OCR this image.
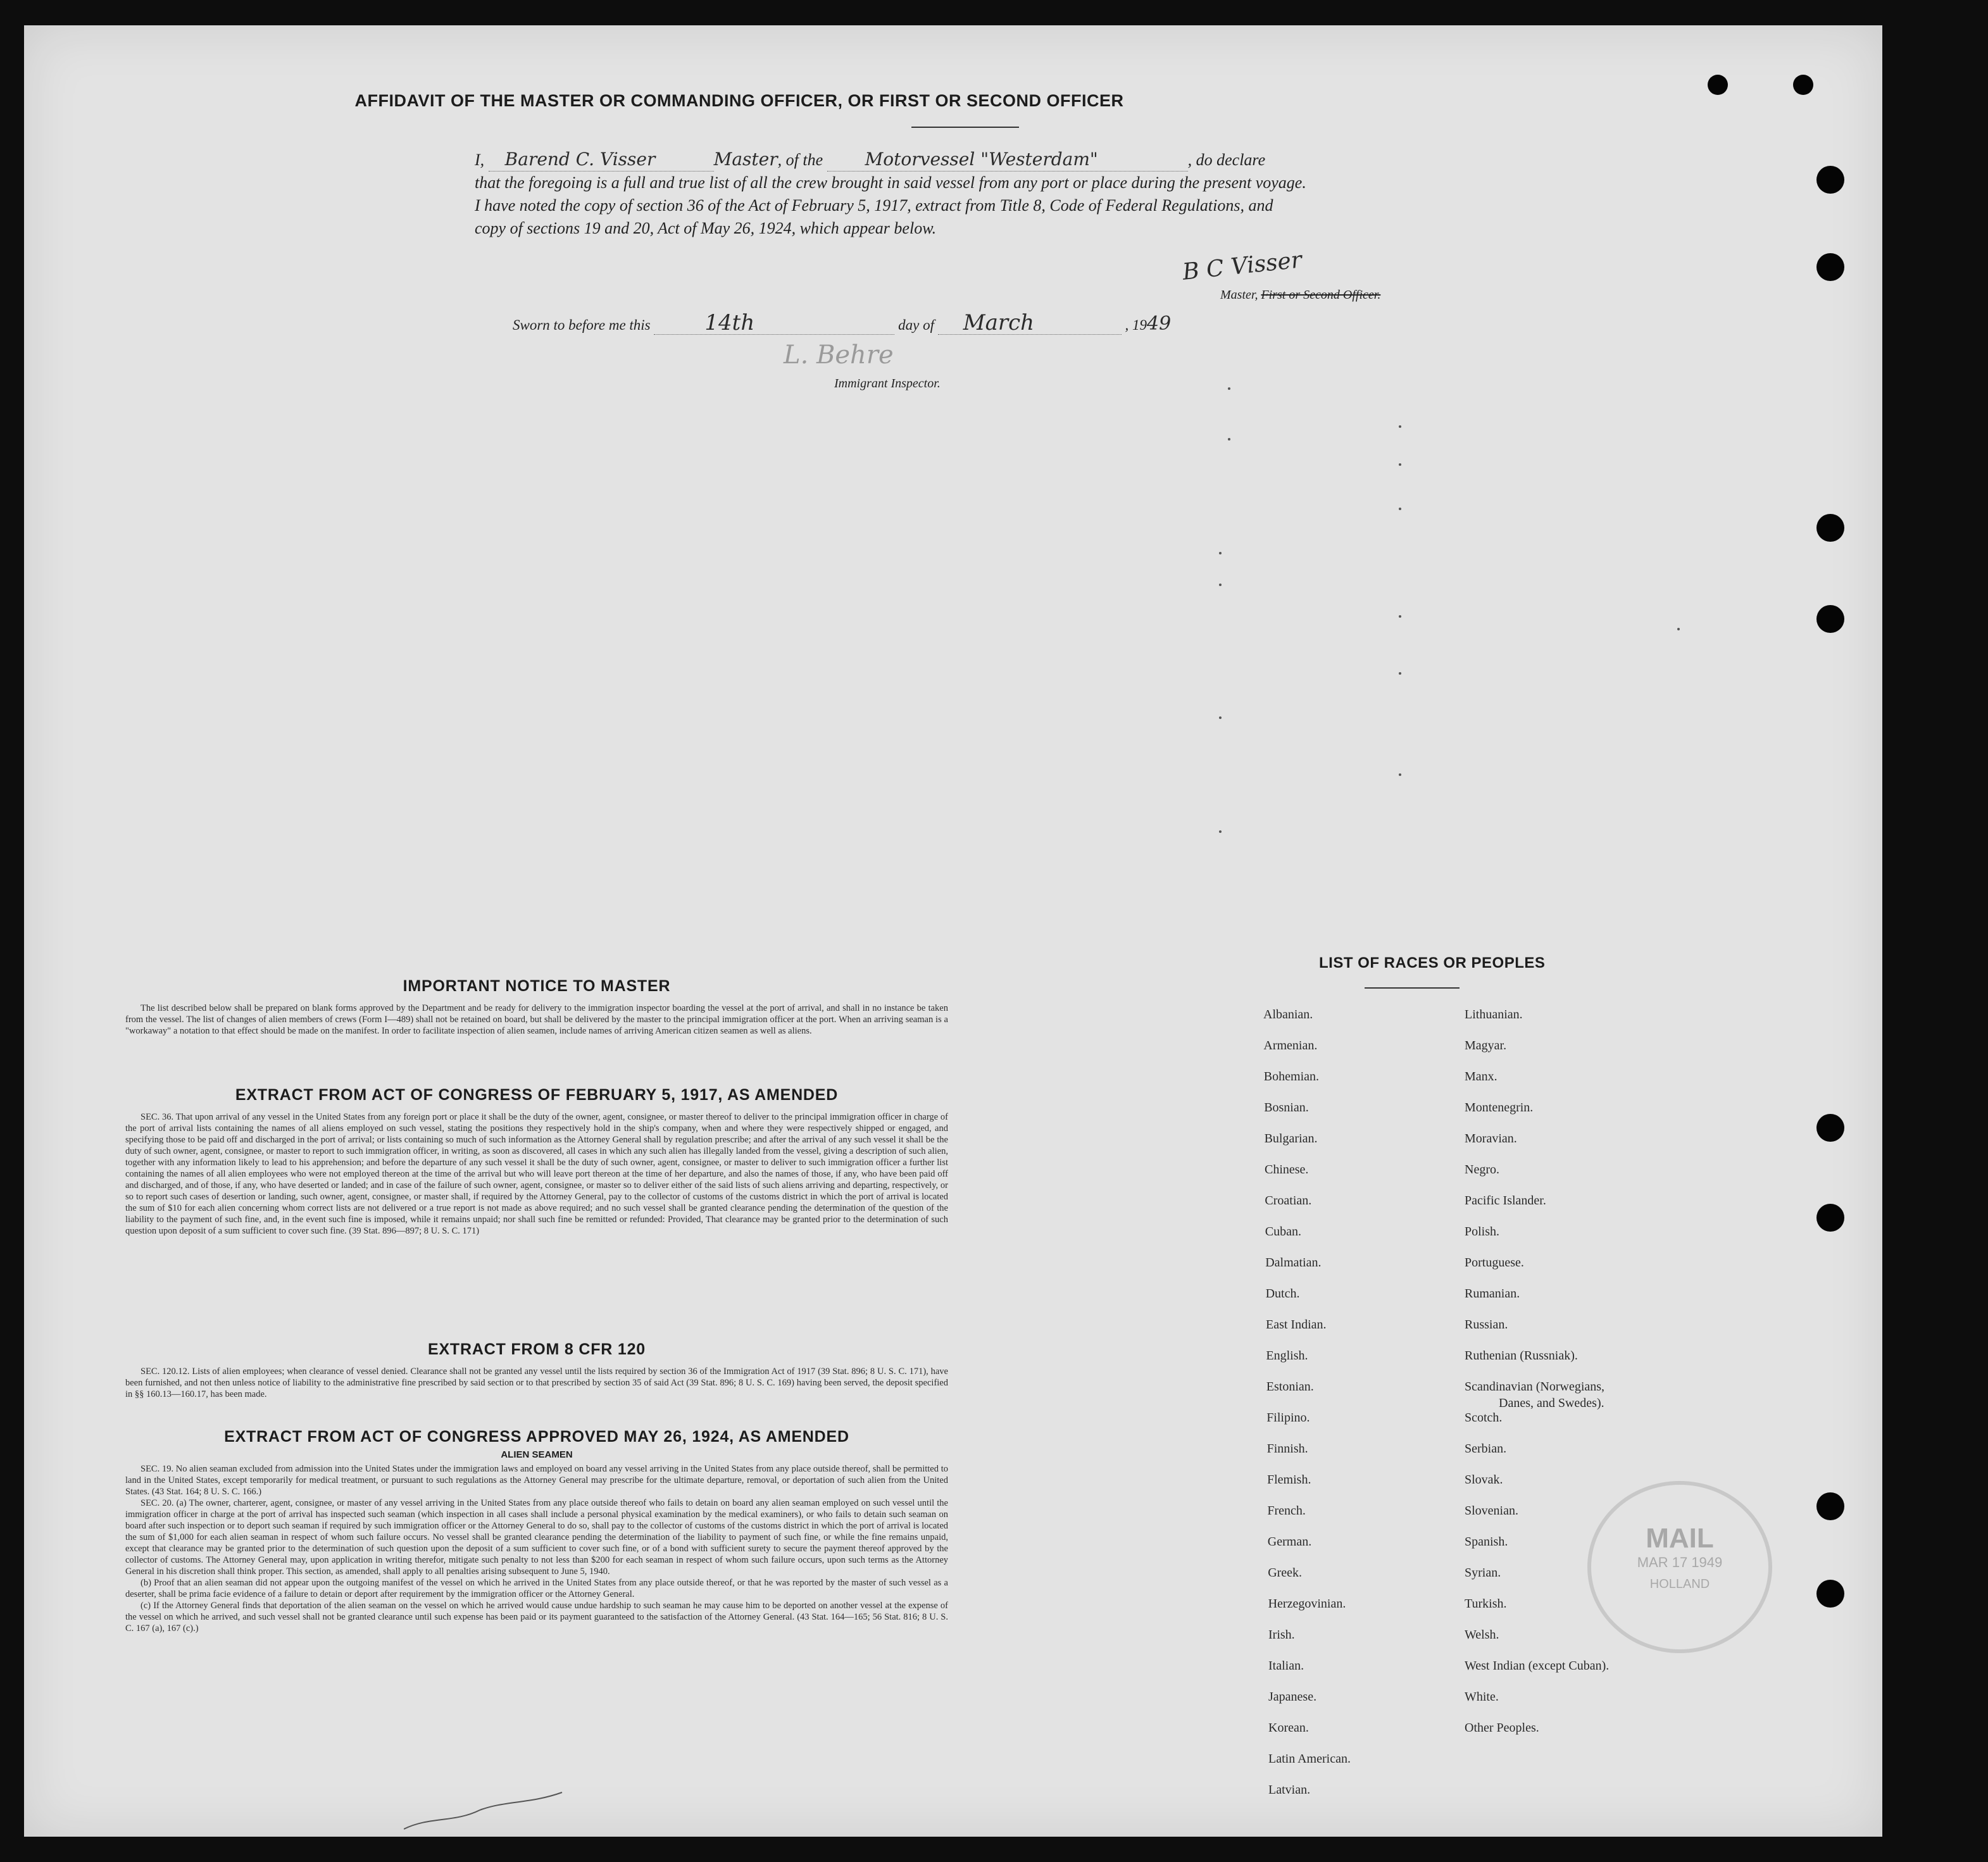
AFFIDAVIT OF THE MASTER OR COMMANDING OFFICER, OR FIRST OR SECOND OFFICER
I, Barend C. Visser	Master, of the Motorvessel "Westerdam"	, do declare
that the foregoing is a full and true list of all the crew brought in said vessel from any port or place during the present voyage.
I have noted the copy of section 36 of the Act of February 5, 1917, extract from Title 8, Code of Federal Regulations, and
copy of sections 19 and 20, Act of May 26, 1924, which appear below.
B C Visser
Master, First or Second Officer.
Sworn to before me this	14th	day of March	, 1949
L. Behre
Immigrant Inspector.
IMPORTANT NOTICE TO MASTER

The list described below shall be prepared on blank forms approved by the Department and be ready for delivery to the immigration inspector boarding the vessel at the port of arrival, and shall in no instance be taken from the vessel. The list of changes of alien members of crews (Form I—489) shall not be retained on board, but shall be delivered by the master to the principal immigration officer at the port. When an arriving seaman is a "workaway" a notation to that effect should be made on the manifest. In order to facilitate inspection of alien seamen, include names of arriving American citizen seamen as well as aliens.

EXTRACT FROM ACT OF CONGRESS OF FEBRUARY 5, 1917, AS AMENDED

SEC. 36. That upon arrival of any vessel in the United States from any foreign port or place it shall be the duty of the owner, agent, consignee, or master thereof to deliver to the principal immigration officer in charge of the port of arrival lists containing the names of all aliens employed on such vessel, stating the positions they respectively hold in the ship's company, when and where they were respectively shipped or engaged, and specifying those to be paid off and discharged in the port of arrival; or lists containing so much of such information as the Attorney General shall by regulation prescribe; and after the arrival of any such vessel it shall be the duty of such owner, agent, consignee, or master to report to such immigration officer, in writing, as soon as discovered, all cases in which any such alien has illegally landed from the vessel, giving a description of such alien, together with any information likely to lead to his apprehension; and before the departure of any such vessel it shall be the duty of such owner, agent, consignee, or master to deliver to such immigration officer a further list containing the names of all alien employees who were not employed thereon at the time of the arrival but who will leave port thereon at the time of her departure, and also the names of those, if any, who have been paid off and discharged, and of those, if any, who have deserted or landed; and in case of the failure of such owner, agent, consignee, or master so to deliver either of the said lists of such aliens arriving and departing, respectively, or so to report such cases of desertion or landing, such owner, agent, consignee, or master shall, if required by the Attorney General, pay to the collector of customs of the customs district in which the port of arrival is located the sum of $10 for each alien concerning whom correct lists are not delivered or a true report is not made as above required; and no such vessel shall be granted clearance pending the determination of the question of the liability to the payment of such fine, and, in the event such fine is imposed, while it remains unpaid; nor shall such fine be remitted or refunded: Provided, That clearance may be granted prior to the determination of such question upon deposit of a sum sufficient to cover such fine. (39 Stat. 896—897; 8 U. S. C. 171)

EXTRACT FROM 8 CFR 120

SEC. 120.12. Lists of alien employees; when clearance of vessel denied. Clearance shall not be granted any vessel until the lists required by section 36 of the Immigration Act of 1917 (39 Stat. 896; 8 U. S. C. 171), have been furnished, and not then unless notice of liability to the administrative fine prescribed by said section or to that prescribed by section 35 of said Act (39 Stat. 896; 8 U. S. C. 169) having been served, the deposit specified in §§ 160.13—160.17, has been made.

EXTRACT FROM ACT OF CONGRESS APPROVED MAY 26, 1924, AS AMENDED
ALIEN SEAMEN

SEC. 19. No alien seaman excluded from admission into the United States under the immigration laws and employed on board any vessel arriving in the United States from any place outside thereof, shall be permitted to land in the United States, except temporarily for medical treatment, or pursuant to such regulations as the Attorney General may prescribe for the ultimate departure, removal, or deportation of such alien from the United States. (43 Stat. 164; 8 U. S. C. 166.)

SEC. 20. (a) The owner, charterer, agent, consignee, or master of any vessel arriving in the United States from any place outside thereof who fails to detain on board any alien seaman employed on such vessel until the immigration officer in charge at the port of arrival has inspected such seaman (which inspection in all cases shall include a personal physical examination by the medical examiners), or who fails to detain such seaman on board after such inspection or to deport such seaman if required by such immigration officer or the Attorney General to do so, shall pay to the collector of customs of the customs district in which the port of arrival is located the sum of $1,000 for each alien seaman in respect of whom such failure occurs. No vessel shall be granted clearance pending the determination of the liability to payment of such fine, or while the fine remains unpaid, except that clearance may be granted prior to the determination of such question upon the deposit of a sum sufficient to cover such fine, or of a bond with sufficient surety to secure the payment thereof approved by the collector of customs. The Attorney General may, upon application in writing therefor, mitigate such penalty to not less than $200 for each seaman in respect of whom such failure occurs, upon such terms as the Attorney General in his discretion shall think proper. This section, as amended, shall apply to all penalties arising subsequent to June 5, 1940.

(b) Proof that an alien seaman did not appear upon the outgoing manifest of the vessel on which he arrived in the United States from any place outside thereof, or that he was reported by the master of such vessel as a deserter, shall be prima facie evidence of a failure to detain or deport after requirement by the immigration officer or the Attorney General.

(c) If the Attorney General finds that deportation of the alien seaman on the vessel on which he arrived would cause undue hardship to such seaman he may cause him to be deported on another vessel at the expense of the vessel on which he arrived, and such vessel shall not be granted clearance until such expense has been paid or its payment guaranteed to the satisfaction of the Attorney General. (43 Stat. 164—165; 56 Stat. 816; 8 U. S. C. 167 (a), 167 (c).)

LIST OF RACES OR PEOPLES
MAIL
MAR 17 1949
HOLLAND
Albanian.
Armenian.
Bohemian.
Bosnian.
Bulgarian.
Chinese.
Croatian.
Cuban.
Dalmatian.
Dutch.
East Indian.
English.
Estonian.
Filipino.
Finnish.
Flemish.
French.
German.
Greek.
Herzegovinian.
Irish.
Italian.
Japanese.
Korean.
Latin American.
Latvian.
Lithuanian.
Magyar.
Manx.
Montenegrin.
Moravian.
Negro.
Pacific Islander.
Polish.
Portuguese.
Rumanian.
Russian.
Ruthenian (Russniak).
Scandinavian (Norwegians,
Danes, and Swedes).
Scotch.
Serbian.
Slovak.
Slovenian.
Spanish.
Syrian.
Turkish.
Welsh.
West Indian (except Cuban).
White.
Other Peoples.
